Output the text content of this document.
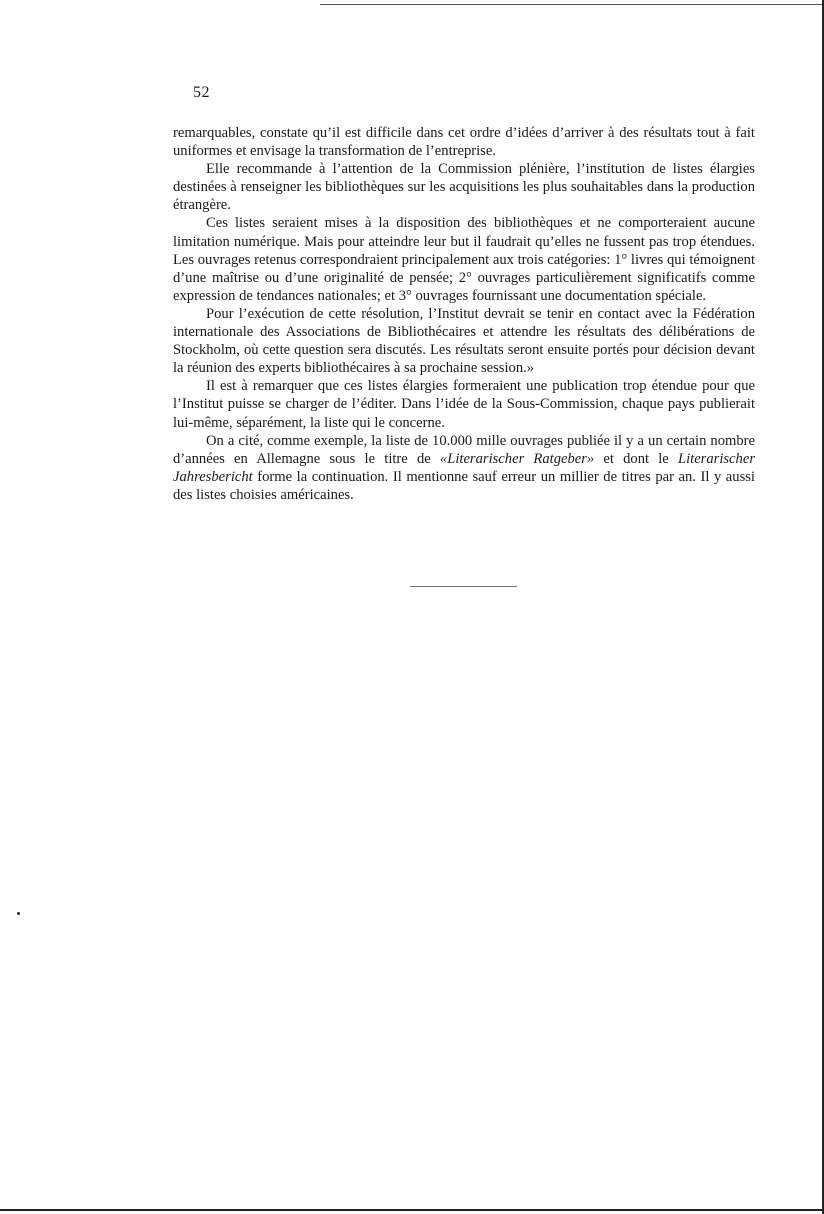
52

remarquables, constate qu’il est difficile dans cet ordre d’idées d’arriver à des résultats tout à fait uniformes et envisage la transformation de l’entreprise.

Elle recommande à l’attention de la Commission plénière, l’institution de listes élargies destinées à renseigner les bibliothèques sur les acquisitions les plus souhaitables dans la production étrangère.

Ces listes seraient mises à la disposition des bibliothèques et ne comporteraient aucune limitation numérique. Mais pour atteindre leur but il faudrait qu’elles ne fussent pas trop étendues. Les ouvrages retenus correspondraient principalement aux trois catégories: 1° livres qui témoignent d’une maîtrise ou d’une originalité de pensée; 2° ouvrages particulièrement significatifs comme expression de tendances nationales; et 3° ouvrages fournissant une documentation spéciale.

Pour l’exécution de cette résolution, l’Institut devrait se tenir en contact avec la Fédération internationale des Associations de Bibliothécaires et attendre les résultats des délibérations de Stockholm, où cette question sera discutés. Les résultats seront ensuite portés pour décision devant la réunion des experts bibliothécaires à sa prochaine session.»

Il est à remarquer que ces listes élargies formeraient une publication trop étendue pour que l’Institut puisse se charger de l’éditer. Dans l’idée de la Sous-Commission, chaque pays publierait lui-même, séparément, la liste qui le concerne.

On a cité, comme exemple, la liste de 10.000 mille ouvrages publiée il y a un certain nombre d’années en Allemagne sous le titre de «Literarischer Ratgeber» et dont le Literarischer Jahresbericht forme la continuation. Il mentionne sauf erreur un millier de titres par an. Il y aussi des listes choisies américaines.
